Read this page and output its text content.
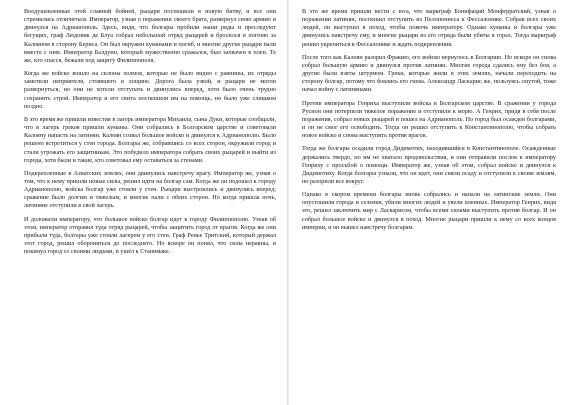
Воодушевленные этой славной бойней, рыцари поспешили в новую битву, и все они стремились отличиться. Император, узнав о поражении своего брата, развернул свою армию и двинулся на Адрианополь. Здесь, видя, что болгары пробили наши ряды и преследуют бегущих, граф Людовик де Блуа собрал небольшой отряд рыцарей и бросился в погоню за Калояном в сторону Бериса. Он был окружен куманами и погиб, и многие другие рыцари пали вместе с ним. Император Балдуин, который мужественно сражался, был захвачен в плен. Те же, кто спасся, бежали под защиту Филиппополя.

Когда же войско вошло на склоны холмов, которые не было видно с равнины, их отряды заметили неприятеля, стоявшего в лощине. Дорога была узкой, и рыцари не могли развернуться, но они не хотели отступать и двинулись вперед, хотя было очень трудно сохранить строй. Император и его свита поспешили им на помощь, но было уже слишком поздно.

В это время же пришли известия в лагерь императора Михаила, сына Дуки, которые сообщали, что в лагерь греков пришли куманы. Они собрались в Болгарском царстве и советовали Калояну напасть на латинян. Калоян созвал большое войско и двинулся к Адрианополю. Было решено встретиться у стен города. Болгары же, собравшись со всех сторон, окружили город и стали угрожать его защитникам. Это побудило императора собрать своих рыцарей и выйти из города, хотя были и такие, кто советовал ему оставаться за стенами.

Подкрепленные в Азиатских землях, они двинулись навстречу врагу. Император же, узнав о том, что к нему пришли новые силы, решил идти на болгар сам. Когда же он подошел к городу Адрианополю, войска болгар уже стояли у стен. Рыцари выстроились и двинулись вперед; сражение было долгим и тяжелым, и многие пали с обеих сторон. Но когда пришла ночь, латиняне отступили в свой лагерь.

И доложили императору, что большое войско болгар идет к городу Филиппополю. Узнав об этом, император отправил туда отряд рыцарей, чтобы защитить город от врагов. Когда же они прибыли туда, болгары уже стояли лагерем у его стен. Граф Ренье Тритский, который держал этот город, решил обороняться до последнего. Но вскоре он понял, что силы неравны, и покинул город со своими людьми, и ушёл к Станимаке.

В это же время пришли вести с юга, что маркграф Бонифаций Монферратский, узнав о поражении латинян, поспешил отступить из Пелопоннеса к Фессалонике. Собрав всех своих людей, он выступил в поход, чтобы помочь императору. Однако куманы и болгары уже двинулись навстречу ему, и многие рыцари из его отряда были убиты в горах. Тогда маркграф решил укрепиться в Фессалонике и ждать подкрепления.

После того как Калоян разорил Фракию, его войско вернулось в Болгарию. Но вскоре он снова собрал большую армию и двинулся против латинян. Многие города сдались ему без боя, а другие были взяты штурмом. Греки, которые жили в этих землях, начали переходить на сторону болгар, потому что боялись его гнева. Александр Ласкарис же, пользуясь смутой, тоже начал войну с латинянами.

Против императора Генриха выступили войска в Болгарском царстве. В сражении у города Русион они потерпели тяжелое поражение и отступили к морю. А Генрих, придя в себя после поражения, собрал новых рыцарей и пошел на Адрианополь. Но город был осажден болгарами, и он не смог его освободить. Тогда он решил отступить к Константинополю, чтобы собрать новое войско и снова выступить против врагов.

Тогда же болгары осадили город Дидимотих, находившийся в Константинополе. Осажденные держались твердо, но им не хватало продовольствия, и они отправили послов к императору Генриху с просьбой о помощи. Император же, узнав об этом, собрал войско и двинулся к Дидимотиху. Когда болгары узнали, что он идет, они сняли осаду и отступили к своим землям, но разорили все вокруг.

Однако в скором времени болгары вновь собрались и напали на латинские земли. Они опустошили города и селения, убили многих людей и увели пленных. Император Генрих, видя это, решил заключить мир с Ласкарисом, чтобы всеми силами выступить против болгар. И он собрал большое войско и двинулся в поход. Многие рыцари пришли к нему со всех концов империи, и он вышел навстречу болгарам.
